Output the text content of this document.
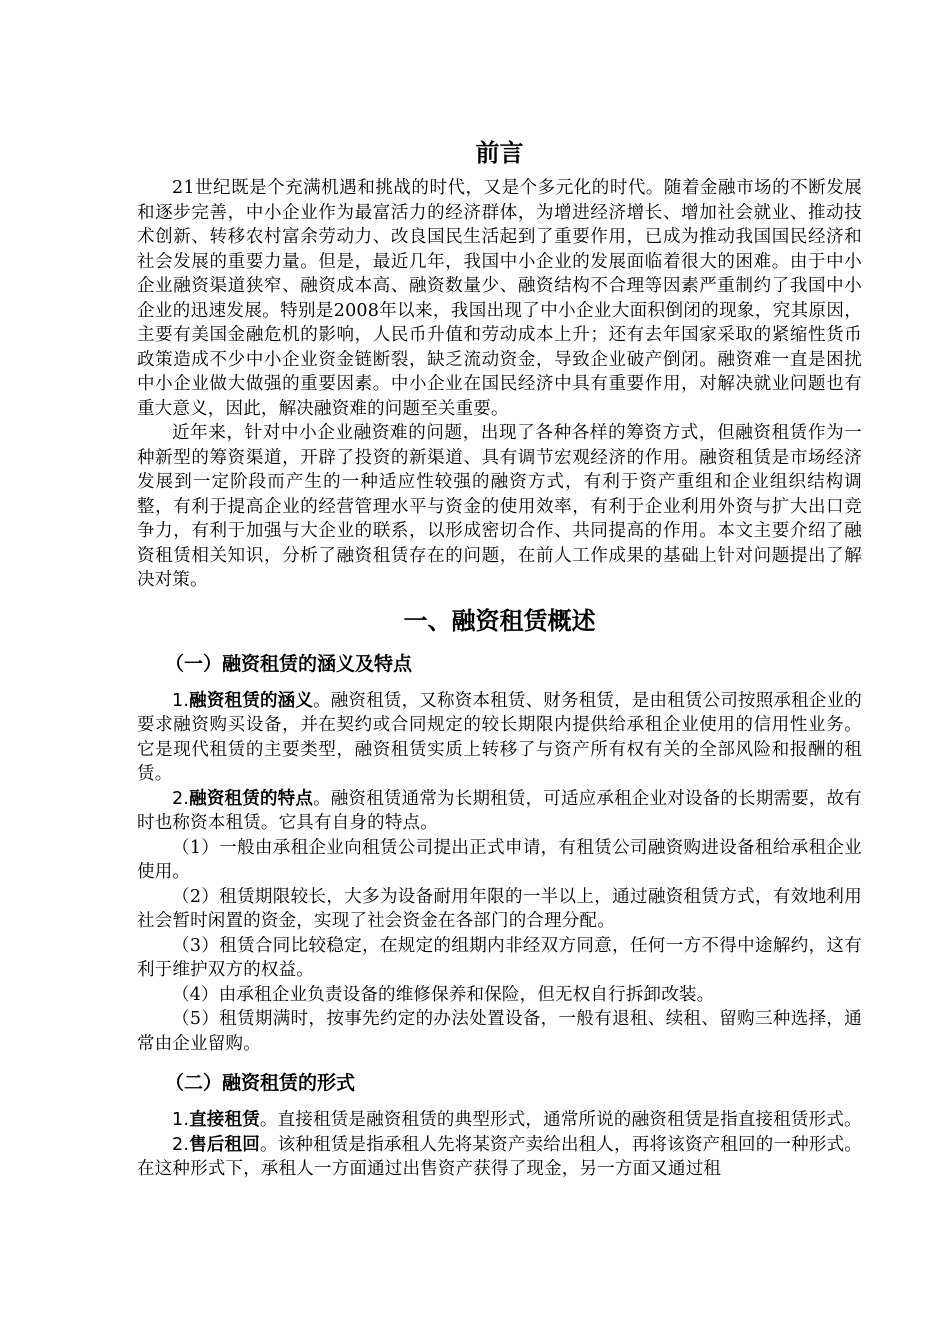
前言

21世纪既是个充满机遇和挑战的时代，又是个多元化的时代。随着金融市场的不断发展和逐步完善，中小企业作为最富活力的经济群体，为增进经济增长、增加社会就业、推动技术创新、转移农村富余劳动力、改良国民生活起到了重要作用，已成为推动我国国民经济和社会发展的重要力量。但是，最近几年，我国中小企业的发展面临着很大的困难。由于中小企业融资渠道狭窄、融资成本高、融资数量少、融资结构不合理等因素严重制约了我国中小企业的迅速发展。特别是2008年以来，我国出现了中小企业大面积倒闭的现象，究其原因，主要有美国金融危机的影响，人民币升值和劳动成本上升；还有去年国家采取的紧缩性货币政策造成不少中小企业资金链断裂，缺乏流动资金，导致企业破产倒闭。融资难一直是困扰中小企业做大做强的重要因素。中小企业在国民经济中具有重要作用，对解决就业问题也有重大意义，因此，解决融资难的问题至关重要。

近年来，针对中小企业融资难的问题，出现了各种各样的筹资方式，但融资租赁作为一种新型的筹资渠道，开辟了投资的新渠道、具有调节宏观经济的作用。融资租赁是市场经济发展到一定阶段而产生的一种适应性较强的融资方式，有利于资产重组和企业组织结构调整，有利于提高企业的经营管理水平与资金的使用效率，有利于企业利用外资与扩大出口竞争力，有利于加强与大企业的联系，以形成密切合作、共同提高的作用。本文主要介绍了融资租赁相关知识，分析了融资租赁存在的问题，在前人工作成果的基础上针对问题提出了解决对策。

一、融资租赁概述
（一）融资租赁的涵义及特点

1.融资租赁的涵义。融资租赁，又称资本租赁、财务租赁，是由租赁公司按照承租企业的要求融资购买设备，并在契约或合同规定的较长期限内提供给承租企业使用的信用性业务。它是现代租赁的主要类型，融资租赁实质上转移了与资产所有权有关的全部风险和报酬的租赁。

2.融资租赁的特点。融资租赁通常为长期租赁，可适应承租企业对设备的长期需要，故有时也称资本租赁。它具有自身的特点。

（1）一般由承租企业向租赁公司提出正式申请，有租赁公司融资购进设备租给承租企业使用。

（2）租赁期限较长，大多为设备耐用年限的一半以上，通过融资租赁方式，有效地利用社会暂时闲置的资金，实现了社会资金在各部门的合理分配。

（3）租赁合同比较稳定，在规定的组期内非经双方同意，任何一方不得中途解约，这有利于维护双方的权益。

（4）由承租企业负责设备的维修保养和保险，但无权自行拆卸改装。

（5）租赁期满时，按事先约定的办法处置设备，一般有退租、续租、留购三种选择，通常由企业留购。

（二）融资租赁的形式

1.直接租赁。直接租赁是融资租赁的典型形式，通常所说的融资租赁是指直接租赁形式。

2.售后租回。该种租赁是指承租人先将某资产卖给出租人，再将该资产租回的一种形式。在这种形式下，承租人一方面通过出售资产获得了现金，另一方面又通过租
